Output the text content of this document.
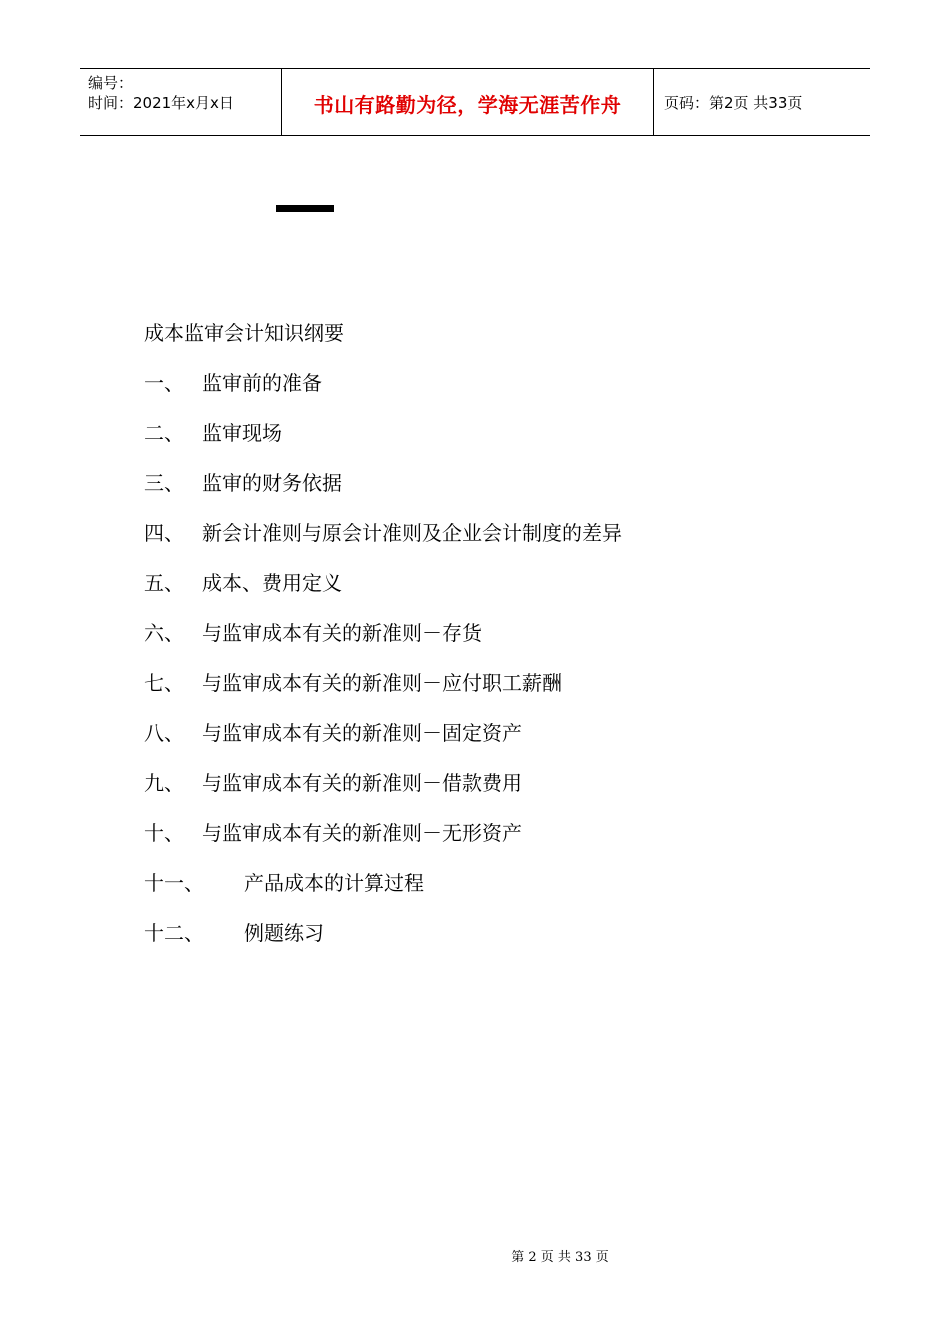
编号：
时间：2021年x月x日	书山有路勤为径，学海无涯苦作舟	页码：第2页 共33页
成本监审会计知识纲要
一、 监审前的准备
二、 监审现场
三、 监审的财务依据
四、 新会计准则与原会计准则及企业会计制度的差异
五、 成本、费用定义
六、 与监审成本有关的新准则－存货
七、 与监审成本有关的新准则－应付职工薪酬
八、 与监审成本有关的新准则－固定资产
九、 与监审成本有关的新准则－借款费用
十、 与监审成本有关的新准则－无形资产
十一、	产品成本的计算过程
十二、	例题练习
第 2 页 共 33 页
